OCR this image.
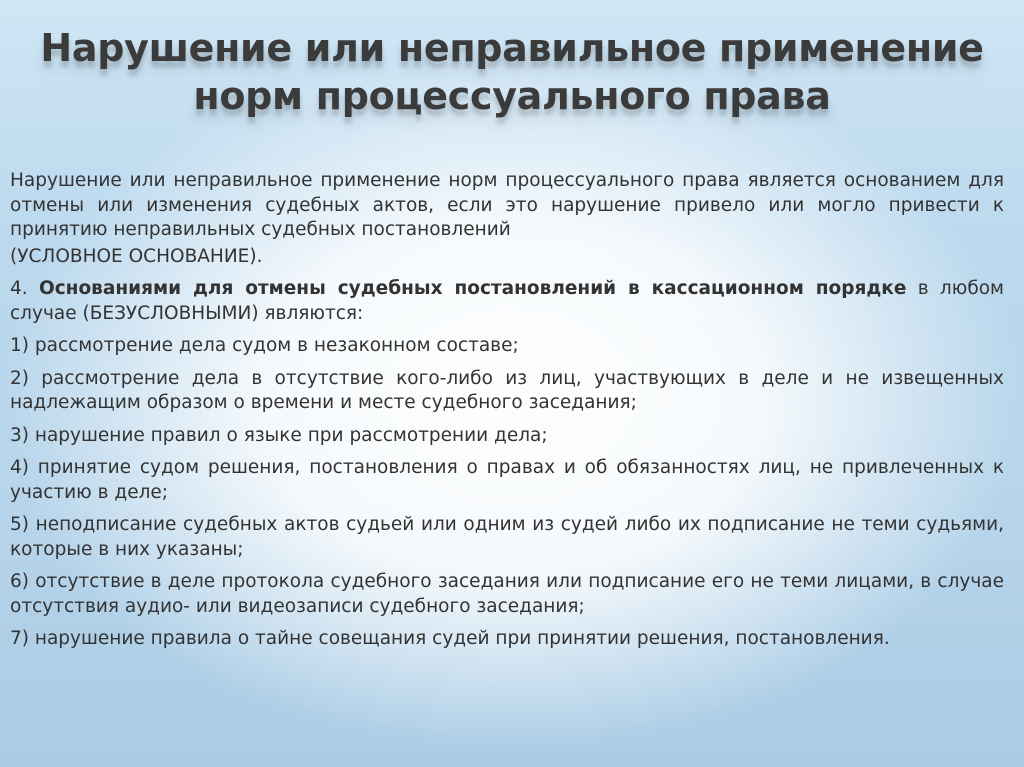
Нарушение или неправильное применение
норм процессуального права

Нарушение или неправильное применение норм процессуального права является основанием для отмены или изменения судебных актов, если это нарушение привело или могло привести к принятию неправильных судебных постановлений

(УСЛОВНОЕ ОСНОВАНИЕ).

4. Основаниями для отмены судебных постановлений в кассационном порядке в любом случае (БЕЗУСЛОВНЫМИ) являются:

1) рассмотрение дела судом в незаконном составе;

2) рассмотрение дела в отсутствие кого-либо из лиц, участвующих в деле и не извещенных надлежащим образом о времени и месте судебного заседания;

3) нарушение правил о языке при рассмотрении дела;

4) принятие судом решения, постановления о правах и об обязанностях лиц, не привлеченных к участию в деле;

5) неподписание судебных актов судьей или одним из судей либо их подписание не теми судьями, которые в них указаны;

6) отсутствие в деле протокола судебного заседания или подписание его не теми лицами, в случае отсутствия аудио- или видеозаписи судебного заседания;

7) нарушение правила о тайне совещания судей при принятии решения, постановления.
